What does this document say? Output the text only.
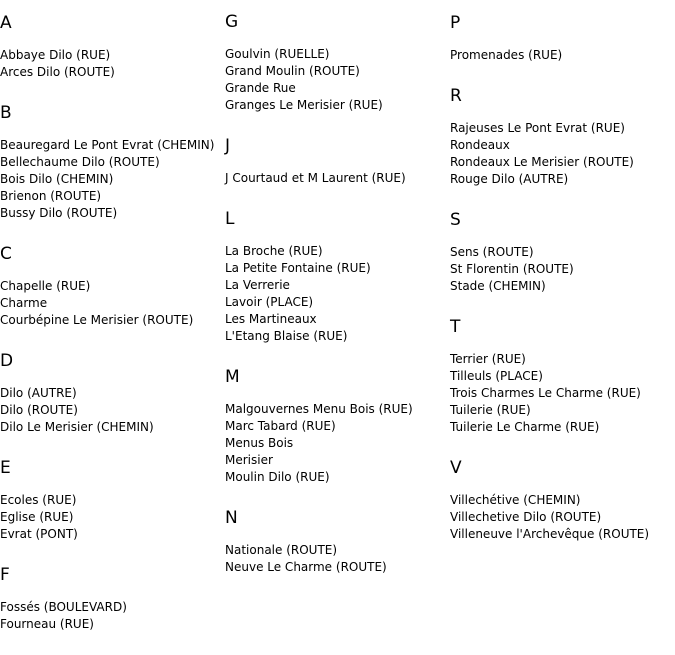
A
Abbaye Dilo (RUE)
Arces Dilo (ROUTE)
B
Beauregard Le Pont Evrat (CHEMIN)
Bellechaume Dilo (ROUTE)
Bois Dilo (CHEMIN)
Brienon (ROUTE)
Bussy Dilo (ROUTE)
C
Chapelle (RUE)
Charme
Courbépine Le Merisier (ROUTE)
D
Dilo (AUTRE)
Dilo (ROUTE)
Dilo Le Merisier (CHEMIN)
E
Ecoles (RUE)
Eglise (RUE)
Evrat (PONT)
F
Fossés (BOULEVARD)
Fourneau (RUE)
G
Goulvin (RUELLE)
Grand Moulin (ROUTE)
Grande Rue
Granges Le Merisier (RUE)
J
J Courtaud et M Laurent (RUE)
L
La Broche (RUE)
La Petite Fontaine (RUE)
La Verrerie
Lavoir (PLACE)
Les Martineaux
L'Etang Blaise (RUE)
M
Malgouvernes Menu Bois (RUE)
Marc Tabard (RUE)
Menus Bois
Merisier
Moulin Dilo (RUE)
N
Nationale (ROUTE)
Neuve Le Charme (ROUTE)
P
Promenades (RUE)
R
Rajeuses Le Pont Evrat (RUE)
Rondeaux
Rondeaux Le Merisier (ROUTE)
Rouge Dilo (AUTRE)
S
Sens (ROUTE)
St Florentin (ROUTE)
Stade (CHEMIN)
T
Terrier (RUE)
Tilleuls (PLACE)
Trois Charmes Le Charme (RUE)
Tuilerie (RUE)
Tuilerie Le Charme (RUE)
V
Villechétive (CHEMIN)
Villechetive Dilo (ROUTE)
Villeneuve l'Archevêque (ROUTE)
